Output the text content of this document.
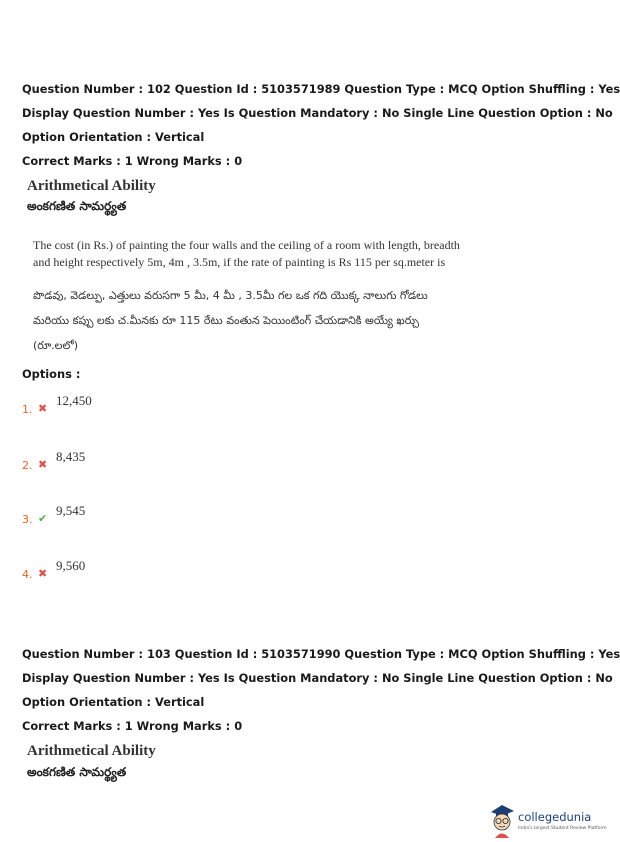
Question Number : 102 Question Id : 5103571989 Question Type : MCQ Option Shuffling : Yes
Display Question Number : Yes Is Question Mandatory : No Single Line Question Option : No
Option Orientation : Vertical
Correct Marks : 1 Wrong Marks : 0
Arithmetical Ability
అంకగణిత సామర్థ్యత
The cost (in Rs.) of painting the four walls and the ceiling of a room with length, breadth
and height respectively 5m, 4m , 3.5m, if the rate of painting is Rs 115 per sq.meter is
పొడవు, వెడల్పు, ఎత్తులు వరుసగా 5 మీ, 4 మీ , 3.5మీ గల ఒక గది యొక్క నాలుగు గోడలు
మరియు కప్పు లకు చ.మీనకు రూ 115 రేటు వంతున పెయింటింగ్ చేయడానికి అయ్యే ఖర్చు
(రూ.లలో)
Options :
1. ✖
12,450
2. ✖
8,435
3. ✔
9,545
4. ✖
9,560
Question Number : 103 Question Id : 5103571990 Question Type : MCQ Option Shuffling : Yes
Display Question Number : Yes Is Question Mandatory : No Single Line Question Option : No
Option Orientation : Vertical
Correct Marks : 1 Wrong Marks : 0
Arithmetical Ability
అంకగణిత సామర్థ్యత
collegedunia
India's largest Student Review Platform
